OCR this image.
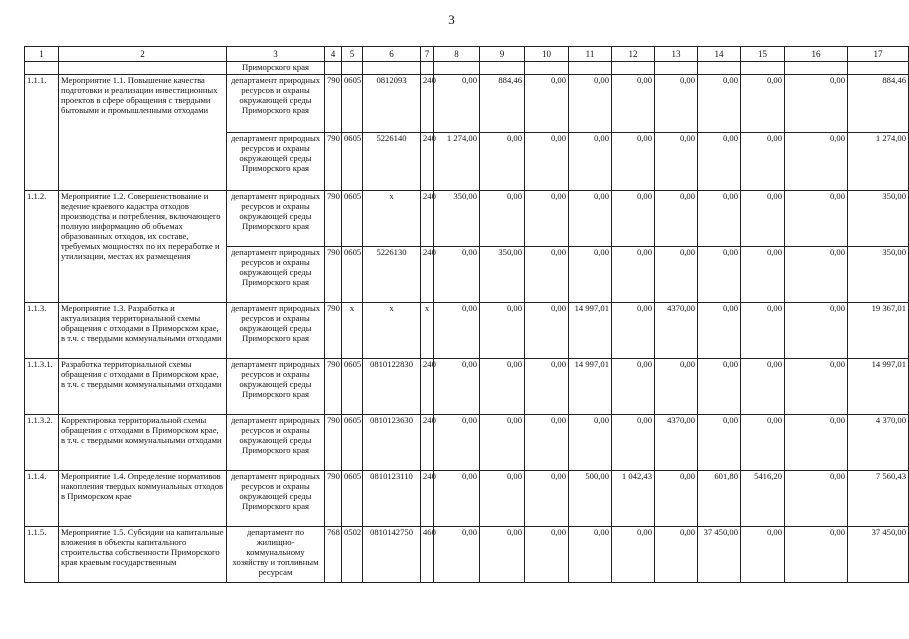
3
1	2	3	4	5	6	7	8	9	10	11	12	13	14	15	16	17
		Приморского края														
1.1.1.	Мероприятие 1.1. Повышение качества подготовки и реализации инвестиционных проектов в сфере обращения с твердыми бытовыми и промышленными отходами	департамент природных ресурсов и охраны окружающей среды Приморского края	790	0605	0812093	240	0,00	884,46	0,00	0,00	0,00	0,00	0,00	0,00	0,00	884,46
		департамент природных ресурсов и охраны окружающей среды Приморского края	790	0605	5226140	240	1 274,00	0,00	0,00	0,00	0,00	0,00	0,00	0,00	0,00	1 274,00
1.1.2.	Мероприятие 1.2. Совершенствование и ведение краевого кадастра отходов производства и потребления, включающего полную информацию об объемах образованных отходов, их составе, требуемых мощностях по их переработке и утилизации, местах их размещения	департамент природных ресурсов и охраны окружающей среды Приморского края	790	0605	х	240	350,00	0,00	0,00	0,00	0,00	0,00	0,00	0,00	0,00	350,00
		департамент природных ресурсов и охраны окружающей среды Приморского края	790	0605	5226130	240	0,00	350,00	0,00	0,00	0,00	0,00	0,00	0,00	0,00	350,00
1.1.3.	Мероприятие 1.3. Разработка и актуализация территориальной схемы обращения с отходами в Приморском крае, в т.ч. с твердыми коммунальными отходами	департамент природных ресурсов и охраны окружающей среды Приморского края	790	х	х	х	0,00	0,00	0,00	14 997,01	0,00	4370,00	0,00	0,00	0,00	19 367,01
1.1.3.1.	Разработка территориальной схемы обращения с отходами в Приморском крае, в т.ч. с твердыми коммунальными отходами	департамент природных ресурсов и охраны окружающей среды Приморского края	790	0605	0810122830	240	0,00	0,00	0,00	14 997,01	0,00	0,00	0,00	0,00	0,00	14 997,01
1.1.3.2.	Корректировка территориальной схемы обращения с отходами в Приморском крае, в т.ч. с твердыми коммунальными отходами	департамент природных ресурсов и охраны окружающей среды Приморского края	790	0605	0810123630	240	0,00	0,00	0,00	0,00	0,00	4370,00	0,00	0,00	0,00	4 370,00
1.1.4.	Мероприятие 1.4. Определение нормативов накопления твердых коммунальных отходов в Приморском крае	департамент природных ресурсов и охраны окружающей среды Приморского края	790	0605	0810123110	240	0,00	0,00	0,00	500,00	1 042,43	0,00	601,80	5416,20	0,00	7 560,43
1.1.5.	Мероприятие 1.5. Субсидии на капитальные вложения в объекты капитального строительства собственности Приморского края краевым государственным	департамент по жилищно-коммунальному хозяйству и топливным ресурсам	768	0502	0810142750	460	0,00	0,00	0,00	0,00	0,00	0,00	37 450,00	0,00	0,00	37 450,00
